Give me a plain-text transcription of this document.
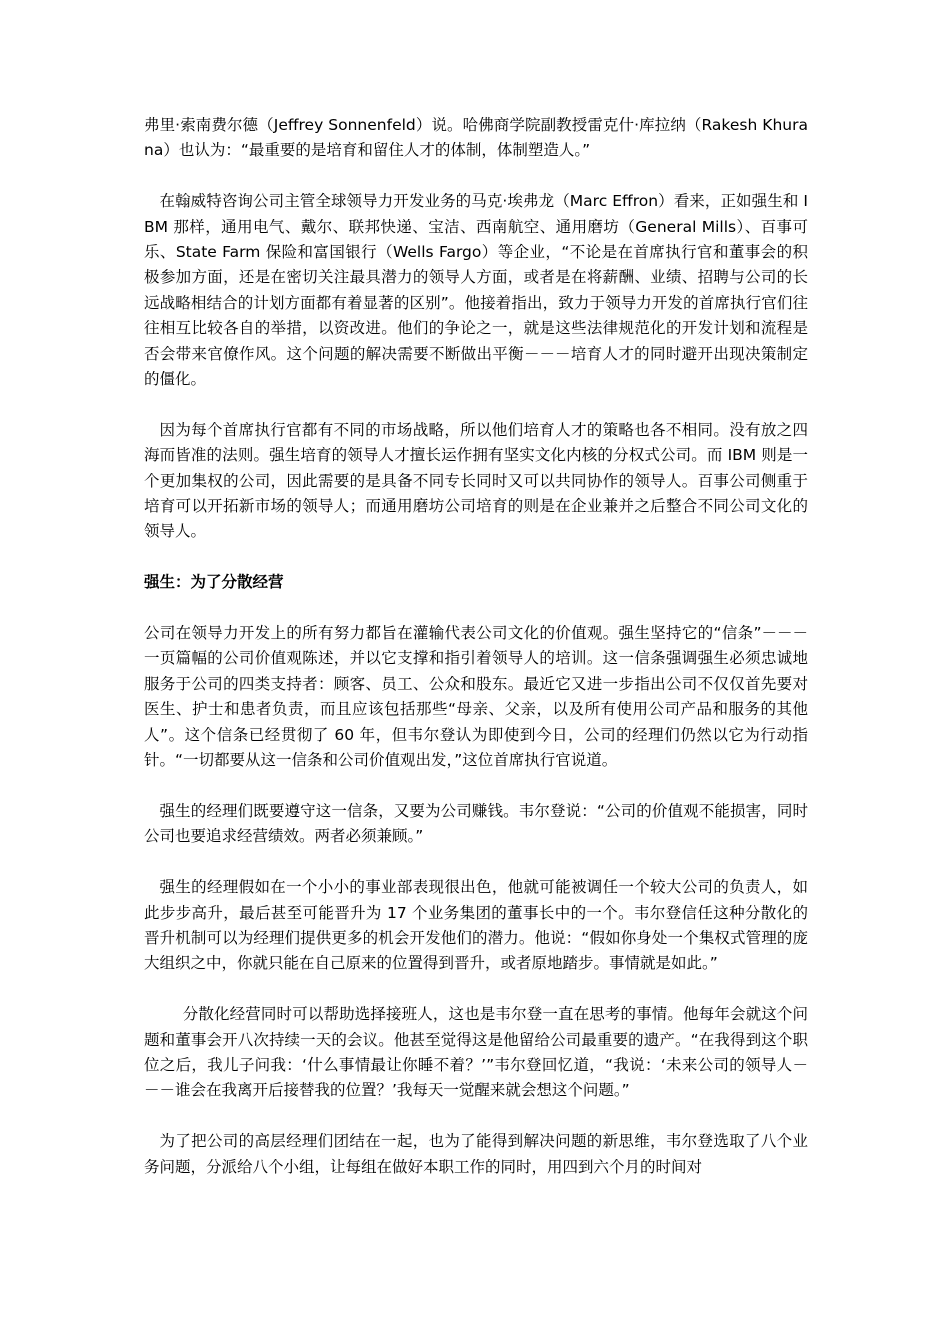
弗里·索南费尔德（Jeffrey Sonnenfeld）说。哈佛商学院副教授雷克什·库拉纳（Rakesh Khurana）也认为：“最重要的是培育和留住人才的体制，体制塑造人。”

在翰威特咨询公司主管全球领导力开发业务的马克·埃弗龙（Marc Effron）看来，正如强生和 IBM 那样，通用电气、戴尔、联邦快递、宝洁、西南航空、通用磨坊（General Mills）、百事可乐、State Farm 保险和富国银行（Wells Fargo）等企业，“不论是在首席执行官和董事会的积极参加方面，还是在密切关注最具潜力的领导人方面，或者是在将薪酬、业绩、招聘与公司的长远战略相结合的计划方面都有着显著的区别”。他接着指出，致力于领导力开发的首席执行官们往往相互比较各自的举措，以资改进。他们的争论之一，就是这些法律规范化的开发计划和流程是否会带来官僚作风。这个问题的解决需要不断做出平衡－－－培育人才的同时避开出现决策制定的僵化。

因为每个首席执行官都有不同的市场战略，所以他们培育人才的策略也各不相同。没有放之四海而皆准的法则。强生培育的领导人才擅长运作拥有坚实文化内核的分权式公司。而 IBM 则是一个更加集权的公司，因此需要的是具备不同专长同时又可以共同协作的领导人。百事公司侧重于培育可以开拓新市场的领导人；而通用磨坊公司培育的则是在企业兼并之后整合不同公司文化的领导人。

强生：为了分散经营

公司在领导力开发上的所有努力都旨在灌输代表公司文化的价值观。强生坚持它的“信条”－－－一页篇幅的公司价值观陈述，并以它支撑和指引着领导人的培训。这一信条强调强生必须忠诚地服务于公司的四类支持者：顾客、员工、公众和股东。最近它又进一步指出公司不仅仅首先要对医生、护士和患者负责，而且应该包括那些“母亲、父亲，以及所有使用公司产品和服务的其他人”。这个信条已经贯彻了 60 年，但韦尔登认为即使到今日，公司的经理们仍然以它为行动指针。“一切都要从这一信条和公司价值观出发，”这位首席执行官说道。

强生的经理们既要遵守这一信条，又要为公司赚钱。韦尔登说：“公司的价值观不能损害，同时公司也要追求经营绩效。两者必须兼顾。”

强生的经理假如在一个小小的事业部表现很出色，他就可能被调任一个较大公司的负责人，如此步步高升，最后甚至可能晋升为 17 个业务集团的董事长中的一个。韦尔登信任这种分散化的晋升机制可以为经理们提供更多的机会开发他们的潜力。他说：“假如你身处一个集权式管理的庞大组织之中，你就只能在自己原来的位置得到晋升，或者原地踏步。事情就是如此。”

分散化经营同时可以帮助选择接班人，这也是韦尔登一直在思考的事情。他每年会就这个问题和董事会开八次持续一天的会议。他甚至觉得这是他留给公司最重要的遗产。“在我得到这个职位之后，我儿子问我：‘什么事情最让你睡不着？’”韦尔登回忆道，“我说：‘未来公司的领导人－－－谁会在我离开后接替我的位置？’我每天一觉醒来就会想这个问题。”

为了把公司的高层经理们团结在一起，也为了能得到解决问题的新思维，韦尔登选取了八个业务问题，分派给八个小组，让每组在做好本职工作的同时，用四到六个月的时间对
